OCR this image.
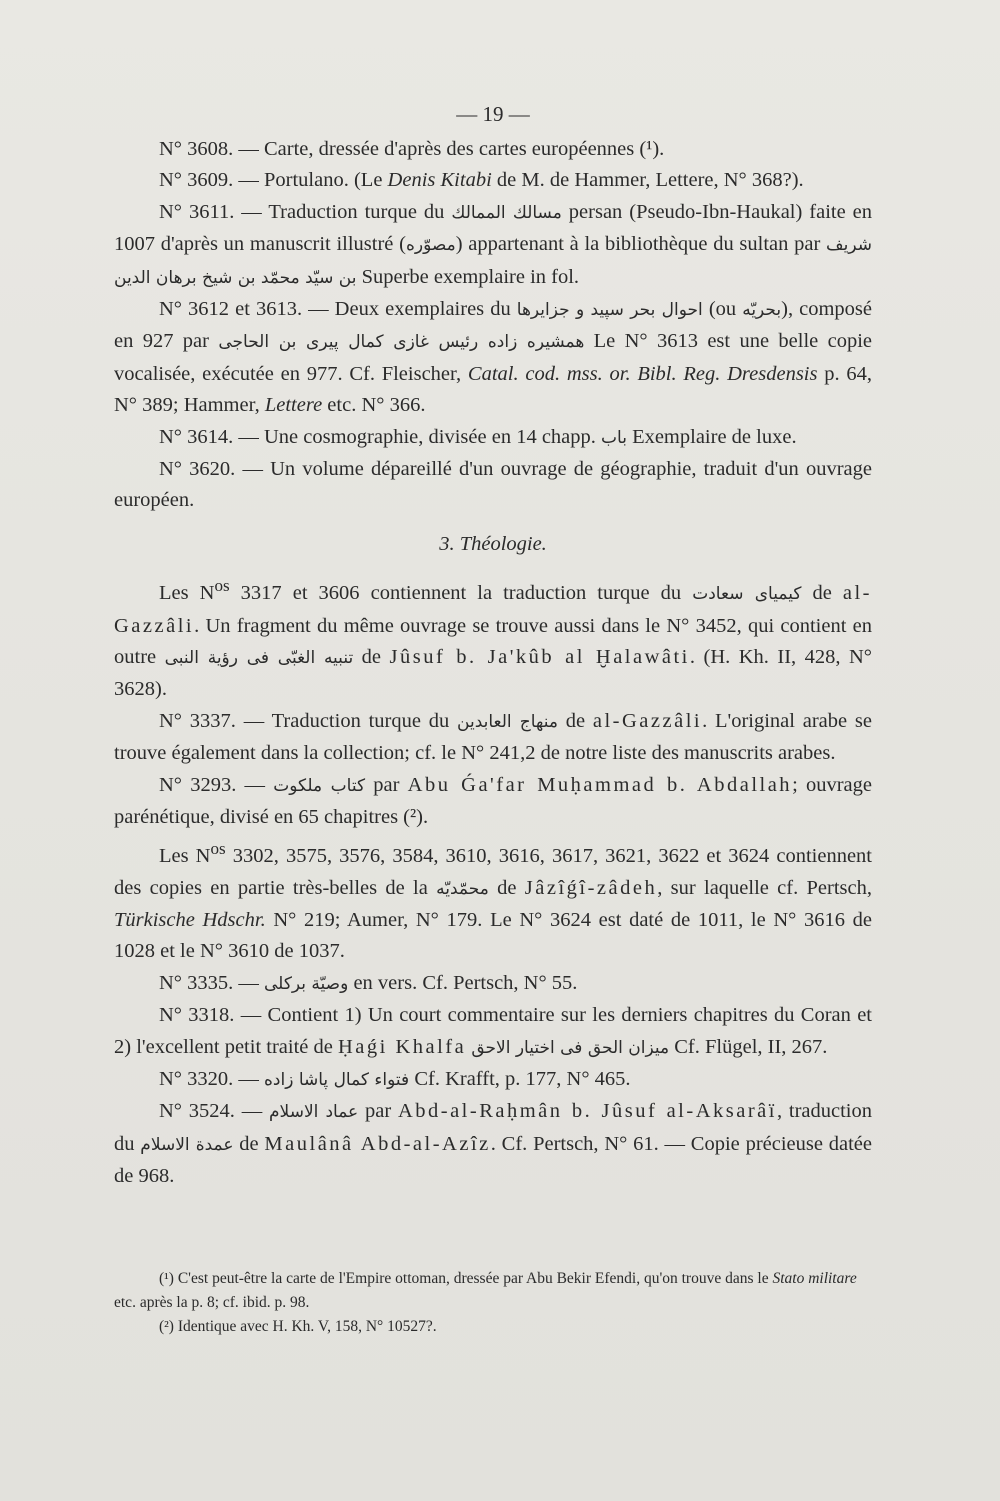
— 19 —

N° 3608. — Carte, dressée d'après des cartes européennes (¹).

N° 3609. — Portulano. (Le Denis Kitabi de M. de Hammer, Lettere, N° 368?).

N° 3611. — Traduction turque du مسالك الممالك persan (Pseudo-Ibn-Haukal) faite en 1007 d'après un manuscrit illustré (مصوّره) appartenant à la bibliothèque du sultan par شریف بن سیّد محمّد بن شیخ برهان الدین Superbe exemplaire in fol.

N° 3612 et 3613. — Deux exemplaires du احوال بحر سپید و جزایرها (ou بحریّه), composé en 927 par همشیره زاده رئیس غازی کمال پیری بن الحاجی Le N° 3613 est une belle copie vocalisée, exécutée en 977. Cf. Fleischer, Catal. cod. mss. or. Bibl. Reg. Dresdensis p. 64, N° 389; Hammer, Lettere etc. N° 366.

N° 3614. — Une cosmographie, divisée en 14 chapp. باب Exemplaire de luxe.

N° 3620. — Un volume dépareillé d'un ouvrage de géographie, traduit d'un ouvrage européen.

3. Théologie.

Les $N^{os}$ 3317 et 3606 contiennent la traduction turque du کیمیای سعادت de al-Gazzâli. Un fragment du même ouvrage se trouve aussi dans le N° 3452, qui contient en outre تنبیه الغبّی فی رؤیة النبی de Jûsuf b. Ja'kûb al Ḫalawâti. (H. Kh. II, 428, N° 3628).

N° 3337. — Traduction turque du منهاج العابدین de al-Gazzâli. L'original arabe se trouve également dans la collection; cf. le N° 241,2 de notre liste des manuscrits arabes.

N° 3293. — کتاب ملکوت par Abu Ǵa'far Muḥammad b. Abdallah; ouvrage parénétique, divisé en 65 chapitres (²).

Les $N^{os}$ 3302, 3575, 3576, 3584, 3610, 3616, 3617, 3621, 3622 et 3624 contiennent des copies en partie très-belles de la محمّدیّه de Jâzîǵî-zâdeh, sur laquelle cf. Pertsch, Türkische Hdschr. N° 219; Aumer, N° 179. Le N° 3624 est daté de 1011, le N° 3616 de 1028 et le N° 3610 de 1037.

N° 3335. — وصیّة برکلی en vers. Cf. Pertsch, N° 55.

N° 3318. — Contient 1) Un court commentaire sur les derniers chapitres du Coran et 2) l'excellent petit traité de Ḥaǵi Khalfa میزان الحق فی اختیار الاحق Cf. Flügel, II, 267.

N° 3320. — فتواء کمال پاشا زاده Cf. Krafft, p. 177, N° 465.

N° 3524. — عماد الاسلام par Abd-al-Raḥmân b. Jûsuf al-Aksarâï, traduction du عمدة الاسلام de Maulânâ Abd-al-Azîz. Cf. Pertsch, N° 61. — Copie précieuse datée de 968.

(¹) C'est peut-être la carte de l'Empire ottoman, dressée par Abu Bekir Efendi, qu'on trouve dans le Stato militare etc. après la p. 8; cf. ibid. p. 98.

(²) Identique avec H. Kh. V, 158, N° 10527?.
